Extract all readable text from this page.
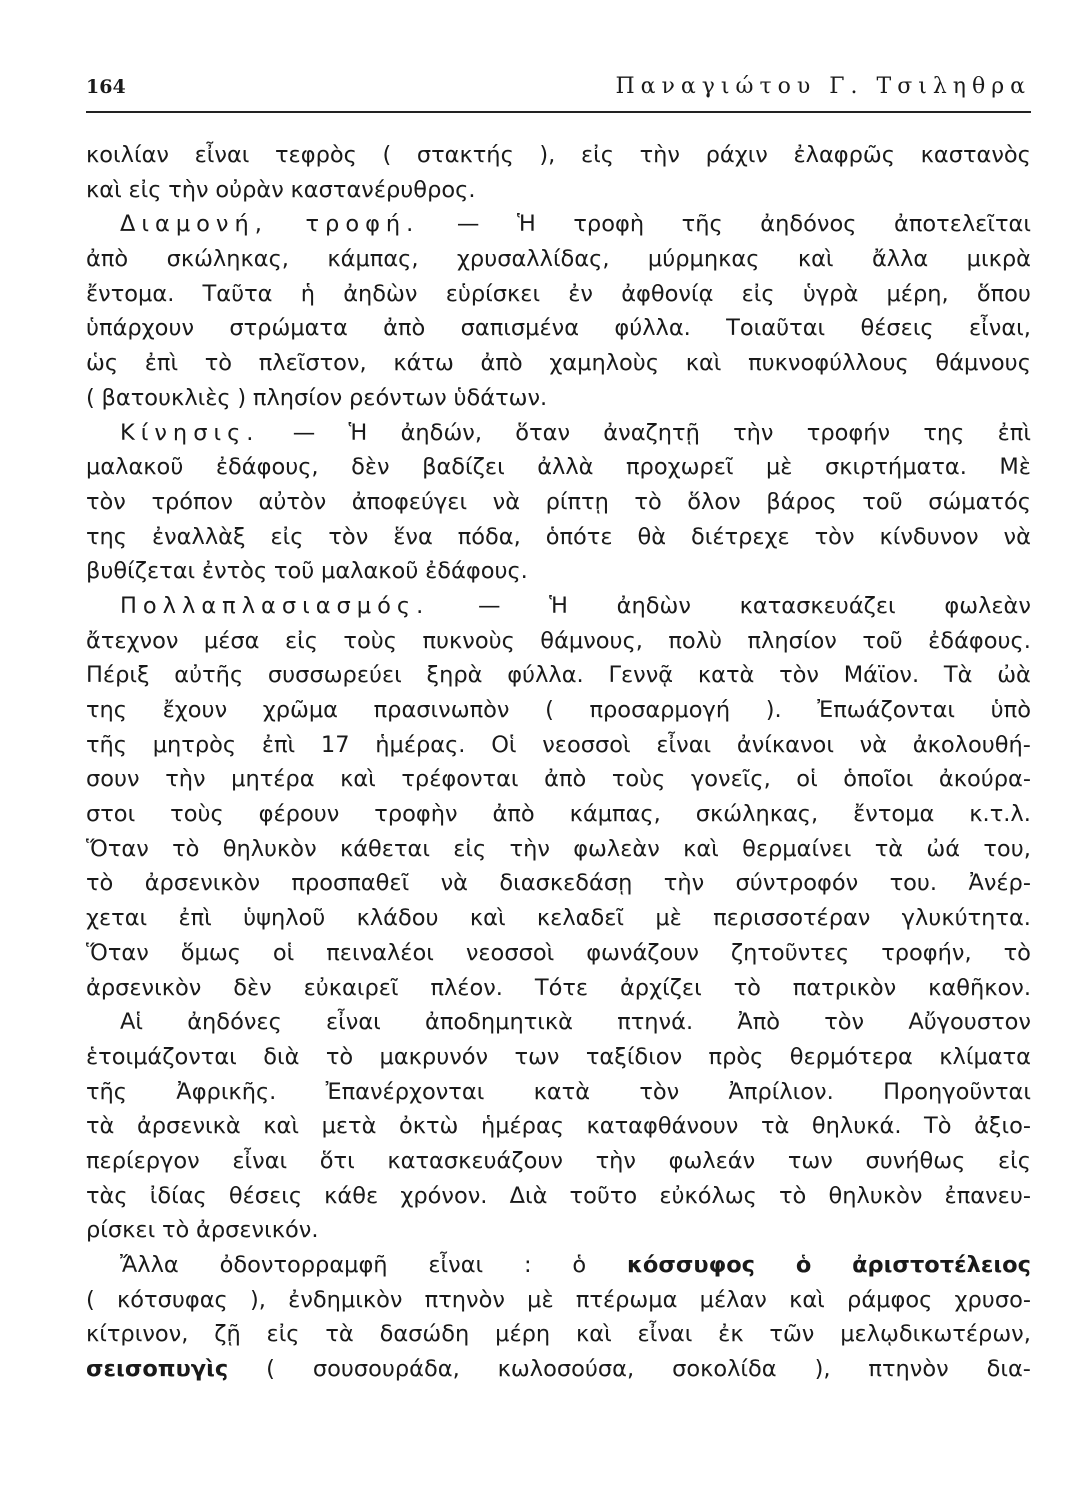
164	Παναγιώτου Γ. Τσιληθρα
κοιλίαν εἶναι τεφρὸς ( στακτής ), εἰς τὴν ράχιν ἐλαφρῶς καστανὸς
καὶ εἰς τὴν οὐρὰν καστανέρυθρος.
Διαμονή, τροφή. — Ἡ τροφὴ τῆς ἀηδόνος ἀποτελεῖται
ἀπὸ σκώληκας, κάμπας, χρυσαλλίδας, μύρμηκας καὶ ἄλλα μικρὰ
ἔντομα. Ταῦτα ἡ ἀηδὼν εὑρίσκει ἐν ἀφθονίᾳ εἰς ὑγρὰ μέρη, ὅπου
ὑπάρχουν στρώματα ἀπὸ σαπισμένα φύλλα. Τοιαῦται θέσεις εἶναι,
ὡς ἐπὶ τὸ πλεῖστον, κάτω ἀπὸ χαμηλοὺς καὶ πυκνοφύλλους θάμνους
( βατουκλιὲς ) πλησίον ρεόντων ὑδάτων.
Κίνησις. — Ἡ ἀηδών, ὅταν ἀναζητῇ τὴν τροφήν της ἐπὶ
μαλακοῦ ἐδάφους, δὲν βαδίζει ἀλλὰ προχωρεῖ μὲ σκιρτήματα. Μὲ
τὸν τρόπον αὐτὸν ἀποφεύγει νὰ ρίπτῃ τὸ ὅλον βάρος τοῦ σώματός
της ἐναλλὰξ εἰς τὸν ἕνα πόδα, ὁπότε θὰ διέτρεχε τὸν κίνδυνον νὰ
βυθίζεται ἐντὸς τοῦ μαλακοῦ ἐδάφους.
Πολλαπλασιασμός. — Ἡ ἀηδὼν κατασκευάζει φωλεὰν
ἄτεχνον μέσα εἰς τοὺς πυκνοὺς θάμνους, πολὺ πλησίον τοῦ ἐδάφους.
Πέριξ αὐτῆς συσσωρεύει ξηρὰ φύλλα. Γεννᾷ κατὰ τὸν Μάϊον. Τὰ ὠὰ
της ἔχουν χρῶμα πρασινωπὸν ( προσαρμογή ). Ἐπωάζονται ὑπὸ
τῆς μητρὸς ἐπὶ 17 ἡμέρας. Οἱ νεοσσοὶ εἶναι ἀνίκανοι νὰ ἀκολουθή-
σουν τὴν μητέρα καὶ τρέφονται ἀπὸ τοὺς γονεῖς, οἱ ὁποῖοι ἀκούρα-
στοι τοὺς φέρουν τροφὴν ἀπὸ κάμπας, σκώληκας, ἔντομα κ.τ.λ.
Ὅταν τὸ θηλυκὸν κάθεται εἰς τὴν φωλεὰν καὶ θερμαίνει τὰ ὠά του,
τὸ ἀρσενικὸν προσπαθεῖ νὰ διασκεδάσῃ τὴν σύντροφόν του. Ἀνέρ-
χεται ἐπὶ ὑψηλοῦ κλάδου καὶ κελαδεῖ μὲ περισσοτέραν γλυκύτητα.
Ὅταν ὅμως οἱ πειναλέοι νεοσσοὶ φωνάζουν ζητοῦντες τροφήν, τὸ
ἀρσενικὸν δὲν εὐκαιρεῖ πλέον. Τότε ἀρχίζει τὸ πατρικὸν καθῆκον.
Αἱ ἀηδόνες εἶναι ἀποδημητικὰ πτηνά. Ἀπὸ τὸν Αὔγουστον
ἑτοιμάζονται διὰ τὸ μακρυνόν των ταξίδιον πρὸς θερμότερα κλίματα
τῆς Ἀφρικῆς. Ἐπανέρχονται κατὰ τὸν Ἀπρίλιον. Προηγοῦνται
τὰ ἀρσενικὰ καὶ μετὰ ὀκτὼ ἡμέρας καταφθάνουν τὰ θηλυκά. Τὸ ἀξιο-
περίεργον εἶναι ὅτι κατασκευάζουν τὴν φωλεάν των συνήθως εἰς
τὰς ἰδίας θέσεις κάθε χρόνον. Διὰ τοῦτο εὐκόλως τὸ θηλυκὸν ἐπανευ-
ρίσκει τὸ ἀρσενικόν.
Ἄλλα ὀδοντορραμφῆ εἶναι : ὁ κόσσυφος ὁ ἀριστοτέλειος
( κότσυφας ), ἐνδημικὸν πτηνὸν μὲ πτέρωμα μέλαν καὶ ράμφος χρυσο-
κίτρινον, ζῇ εἰς τὰ δασώδη μέρη καὶ εἶναι ἐκ τῶν μελῳδικωτέρων,
σεισοπυγὶς ( σουσουράδα, κωλοσούσα, σοκολίδα ), πτηνὸν δια-
